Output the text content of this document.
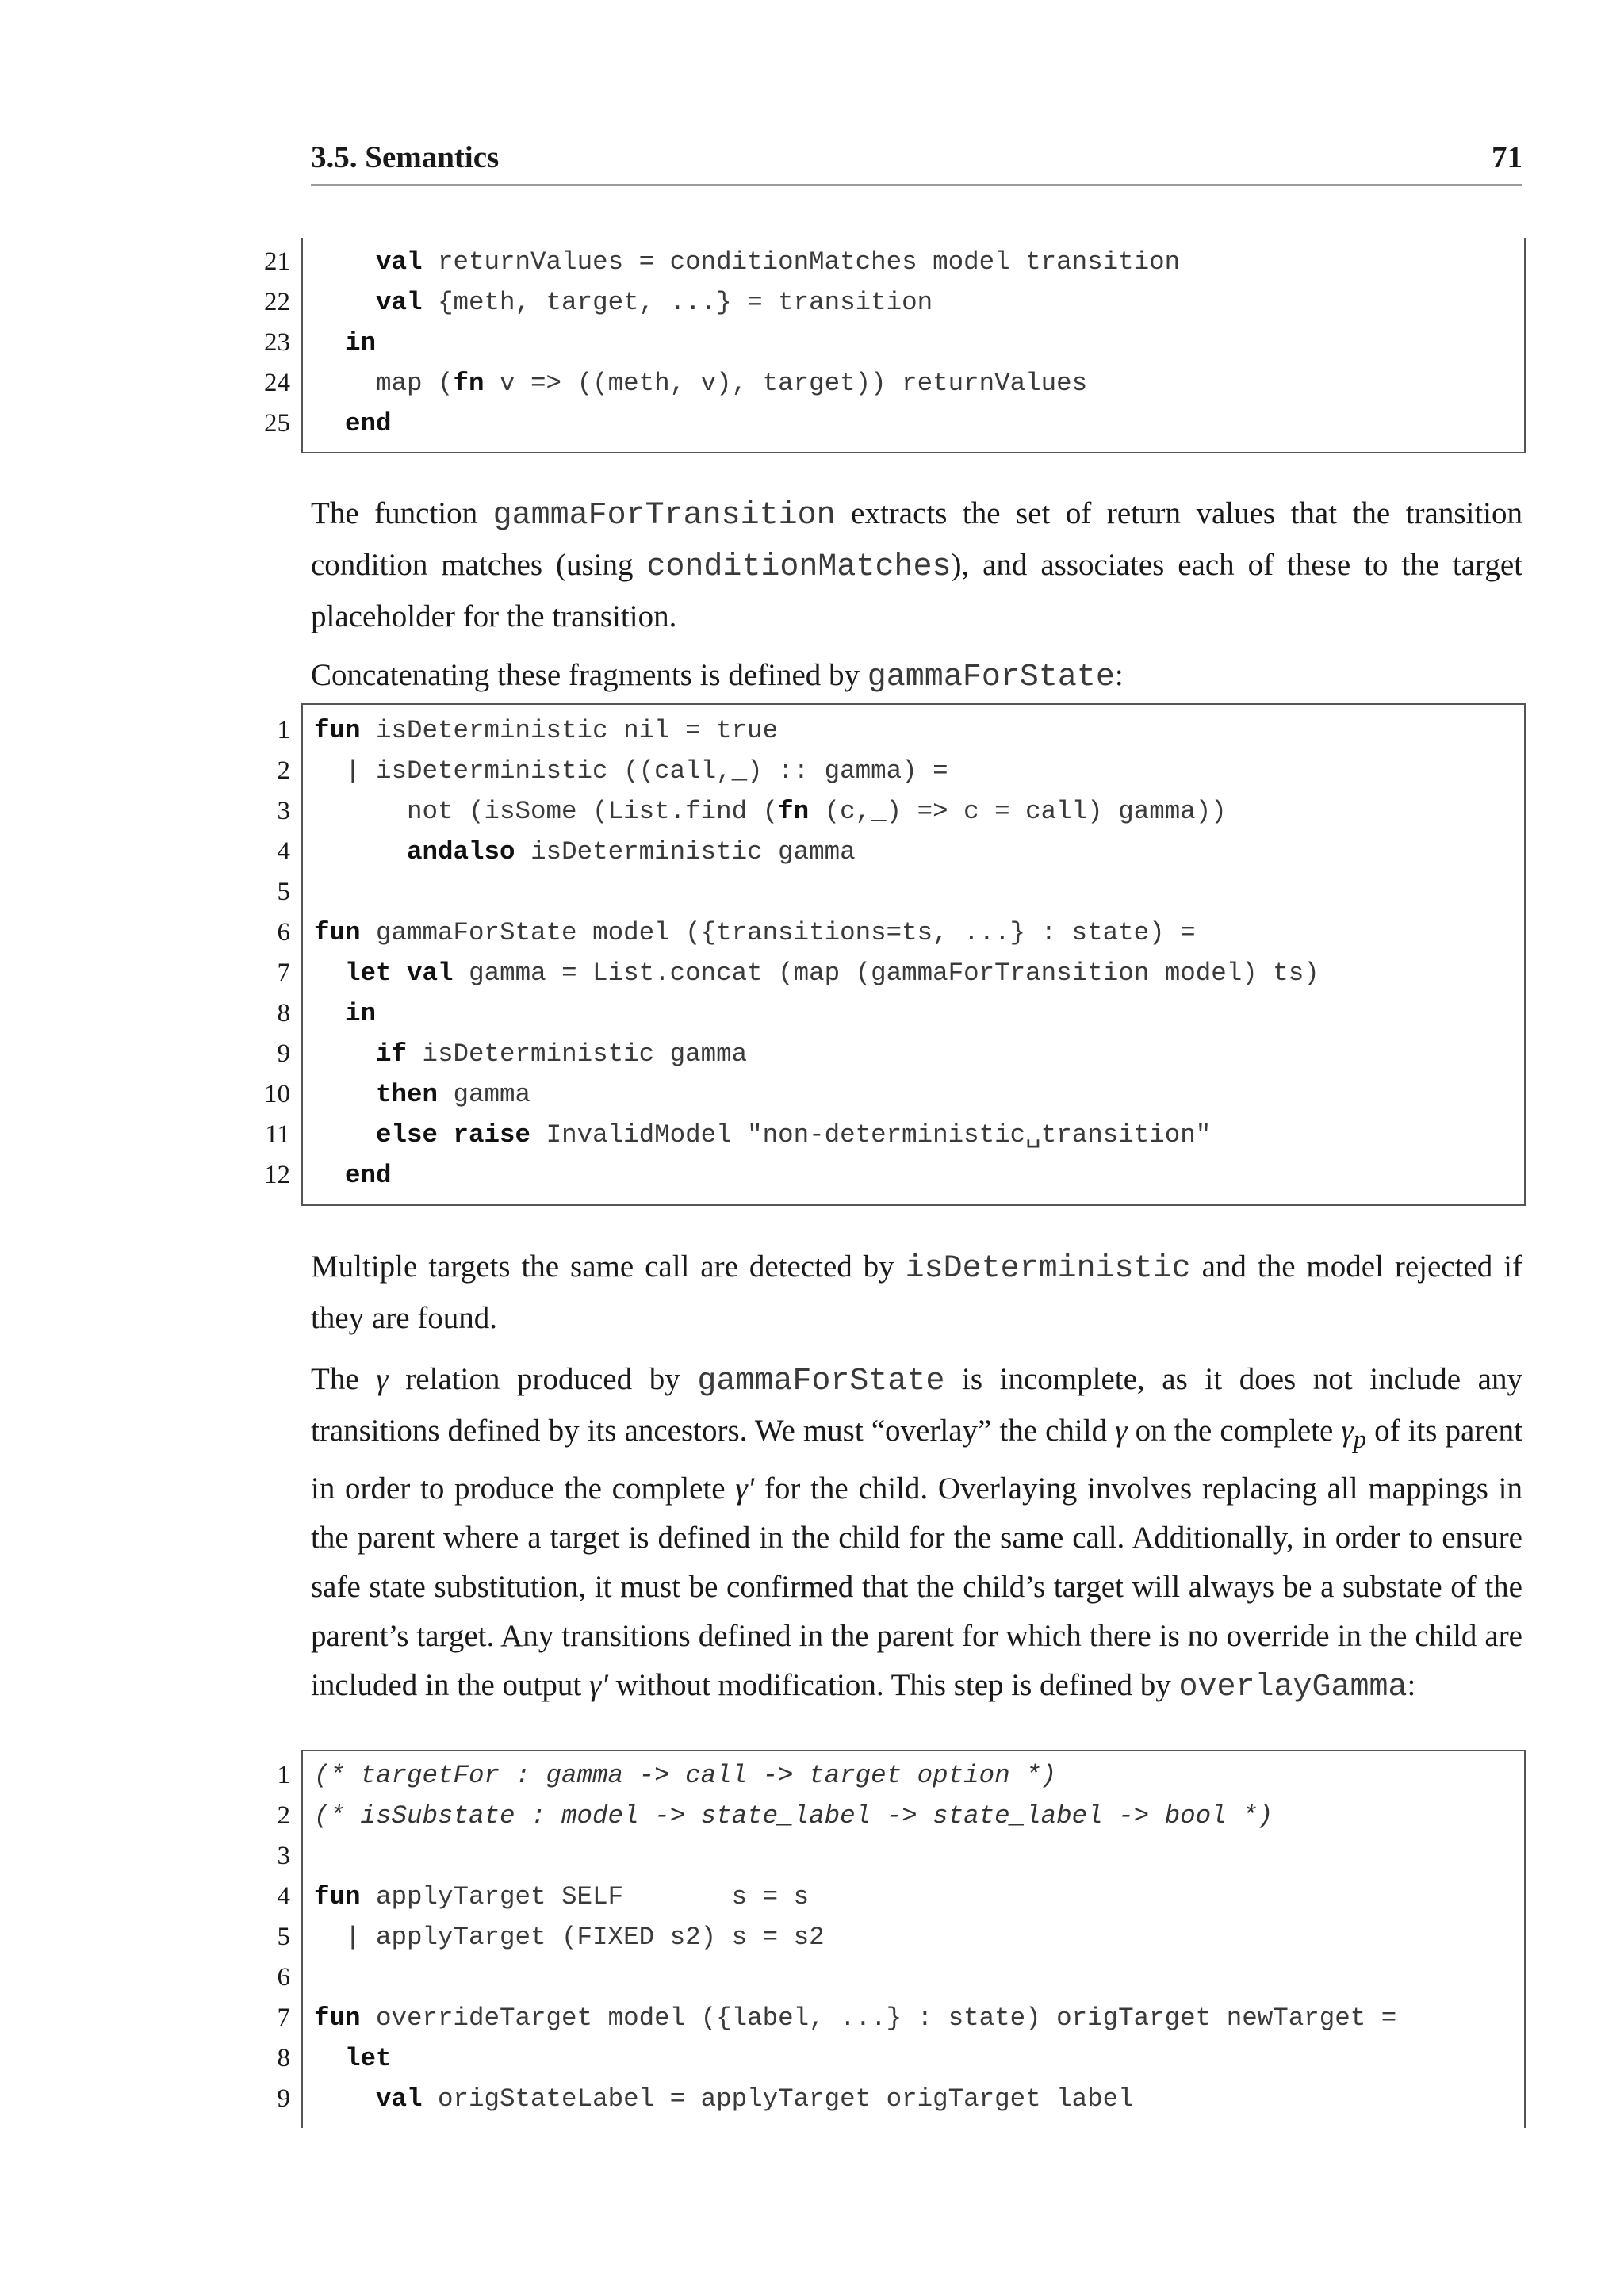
3.5. Semantics	71
21	val returnValues = conditionMatches model transition
22	val {meth, target, ...} = transition
23	in
24 map (fn v => ((meth, v), target)) returnValues
25	end
The function gammaForTransition extracts the set of return values that the transition condition matches (using conditionMatches), and associates each of these to the target placeholder for the transition.
Concatenating these fragments is defined by gammaForState:
1 fun isDeterministic nil = true
2 | isDeterministic ((call,_) :: gamma) =
3 not (isSome (List.find (fn (c,_) => c = call) gamma))
4	andalso isDeterministic gamma
5
6 fun gammaForState model ({transitions=ts, ...} : state) =
7	let val gamma = List.concat (map (gammaForTransition model) ts)
8	in
9	if isDeterministic gamma
10	then gamma
11	else raise InvalidModel "non-deterministic␣transition"
12	end
Multiple targets the same call are detected by isDeterministic and the model rejected if they are found.
The γ relation produced by gammaForState is incomplete, as it does not include any transitions defined by its ancestors. We must “overlay” the child γ on the complete $\gamma_p$ of its parent in order to produce the complete γ′ for the child. Overlaying involves replacing all mappings in the parent where a target is defined in the child for the same call. Additionally, in order to ensure safe state substitution, it must be confirmed that the child’s target will always be a substate of the parent’s target. Any transitions defined in the parent for which there is no override in the child are included in the output γ′ without modification. This step is defined by overlayGamma:
1 (* targetFor : gamma -> call -> target option *)
2 (* isSubstate : model -> state_label -> state_label -> bool *)
3
4 fun applyTarget SELF       s = s
5 | applyTarget (FIXED s2) s = s2
6
7 fun overrideTarget model ({label, ...} : state) origTarget newTarget =
8	let
9	val origStateLabel = applyTarget origTarget label
